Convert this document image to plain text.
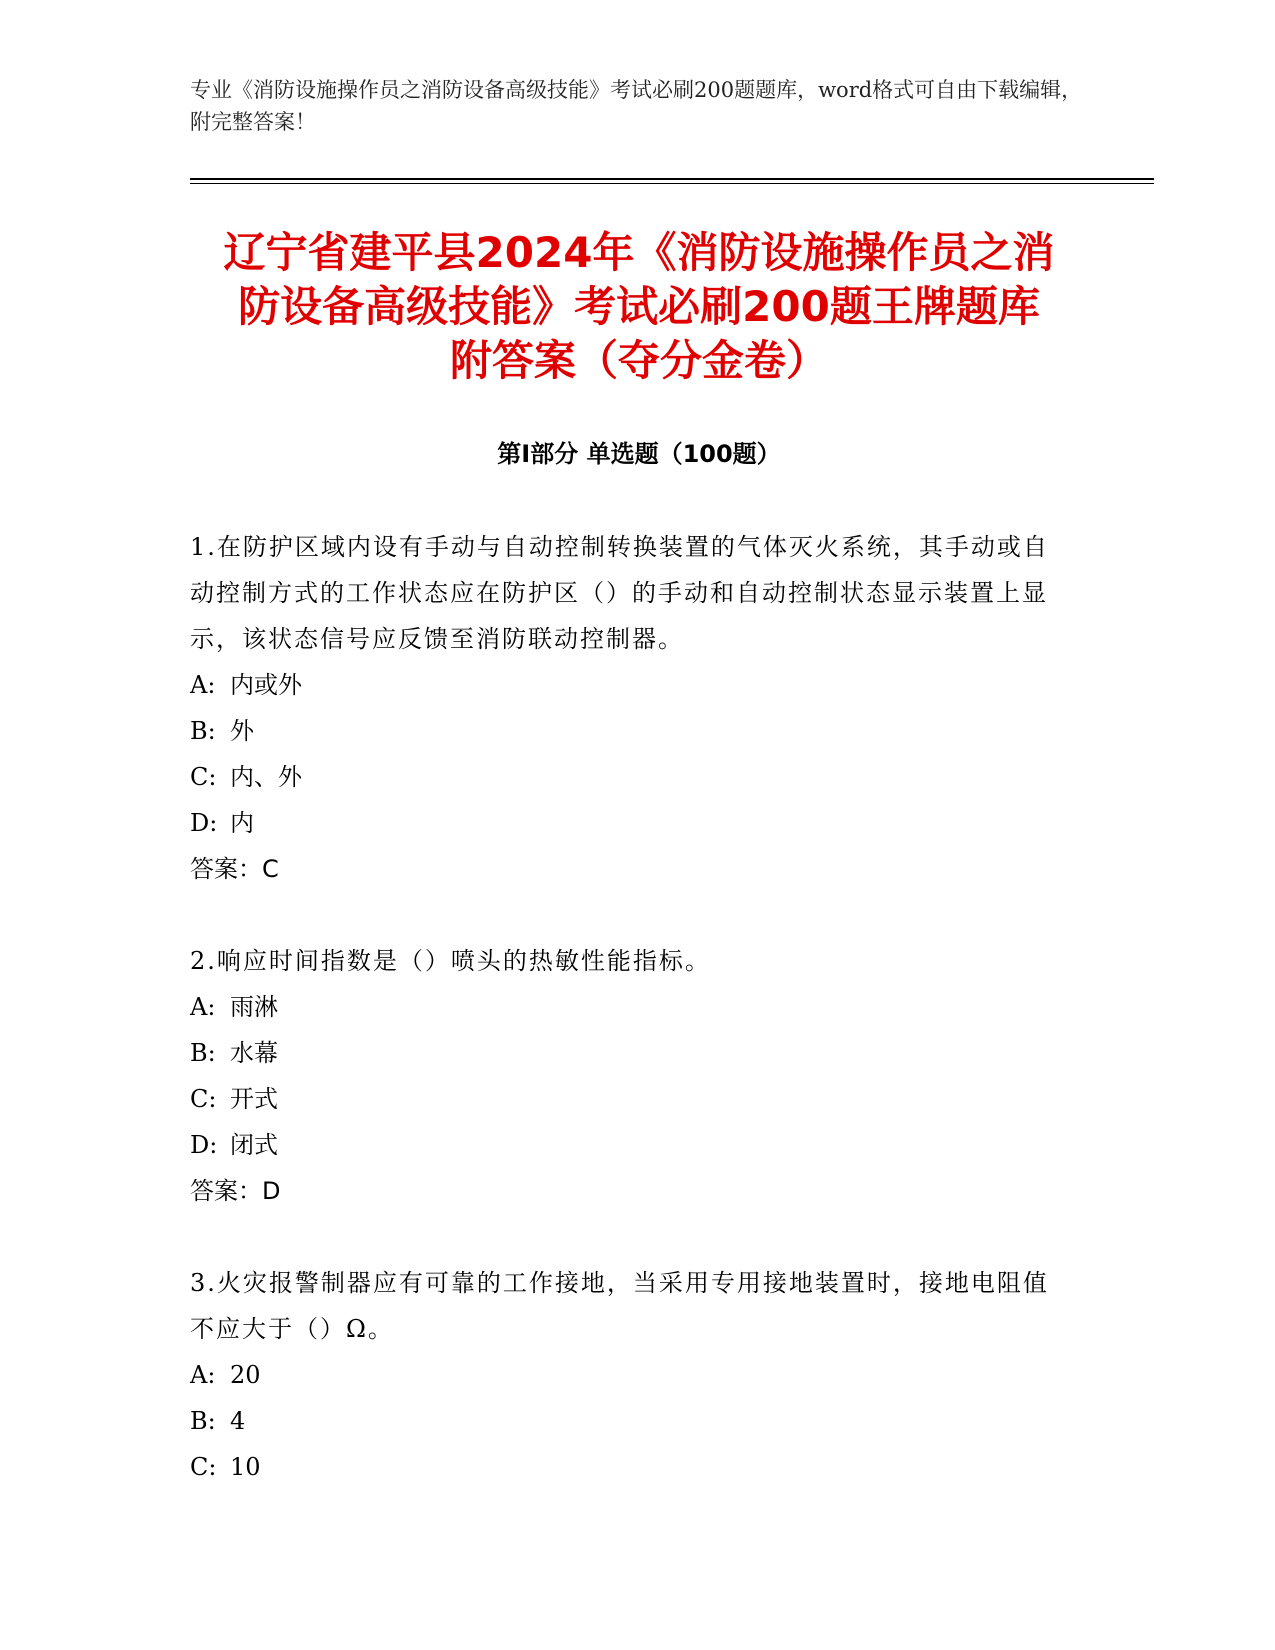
专业《消防设施操作员之消防设备高级技能》考试必刷200题题库，word格式可自由下载编辑，附完整答案！
辽宁省建平县2024年《消防设施操作员之消
防设备高级技能》考试必刷200题王牌题库
附答案（夺分金卷）
第Ⅰ部分 单选题（100题）
1.在防护区域内设有手动与自动控制转换装置的气体灭火系统，其手动或自动控制方式的工作状态应在防护区（）的手动和自动控制状态显示装置上显示，该状态信号应反馈至消防联动控制器。
A: 内或外
B: 外
C: 内、外
D: 内
答案：C
2.响应时间指数是（）喷头的热敏性能指标。
A: 雨淋
B: 水幕
C: 开式
D: 闭式
答案：D
3.火灾报警制器应有可靠的工作接地，当采用专用接地装置时，接地电阻值不应大于（）Ω。
A: 20
B: 4
C: 10
